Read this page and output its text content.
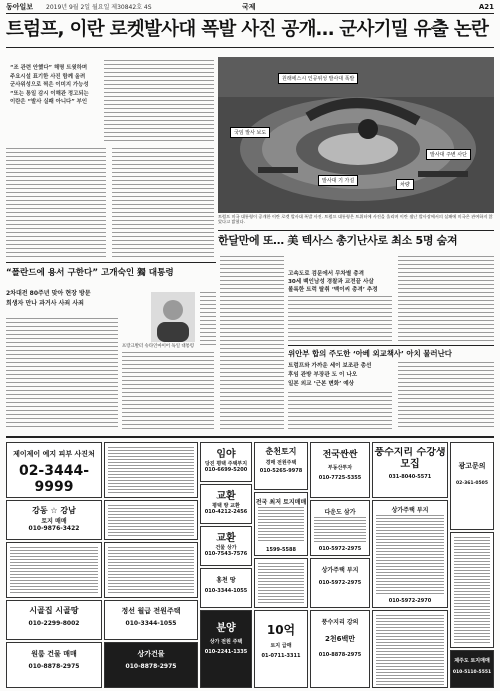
동아일보 2019년 9월 2일 월요일 제30842호 4S	국제	A21
트럼프, 이란 로켓발사대 폭발 사진 공개… 군사기밀 유출 논란
“조 관련 안했다” 해명 트윗하며
주요시설 표기한 사진 함께 올려
군사위성으로 찍은 이미지 가능성
“또는 통일 감시 이해관 정고되는
이란은 “발사 실패 아니다” 부인
원래에스시 인공위성 발사대 폭발
국임 발사 보도
발사대 기 가설
차량
발사대 주변 사단
트럼프 미국 대통령이 공개한 이란 로켓 발사대 폭발 사진. 트럼프 대통령은 트위터에 사진을 올리며 이란 셈난 발사장에서의 실패에 미국은 관여하지 않았다고 밝혔다.
한달만에 또… 美 텍사스 총기난사로 최소 5명 숨져
고속도로 검문에서 무차별 총격
30세 백인남성 경찰과 교전끝 사살
볼록한 트럭 탈취 ‘맥이씨 총격’ 추정
“폴란드에 용서 구한다” 고개숙인 獨 대통령
2차대전 80주년 맞아 현장 방문
희생자 만나 과거사 사죄 사죄
프랑크발터 슈타인마이어 독일 대통령
위안부 합의 주도한 ‘아베 외교책사’ 아치 물러난다
트럼프와 가까운 세이 보조관 총선
후임 관방 부장관 도 이 나오
일본 외교 ‘근본 변화’ 예상
제이제이 예지 피부 사진처
02-3444-9999
강동 ☆ 강남
토지 매매
010-9876-3422
시골집 시골땅
010-2299-8002
원룸 건물 매매
010-8878-2975
정선 월급 전원주택
010-3344-1055
상가건물
010-8878-2975
임야
당진 평택 주택부지
010-6699-5200
교환
평택 땅 교환
010-4212-2456
교환
건물 상가
010-7543-7576
홍천 땅
010-3344-1055
분양
상가 전원 주택
010-2241-1335
춘천토지
경매 전원주택
010-5265-9978
전국 최저 토지매매
1599-5588
10억
토지 급매
01-0711-3311
전국싼싼
부동산투자
010-7725-5355
다운도 삼가
010-5972-2975
상가주택 부지
010-5972-2975
풍수지리 강의
2천6백만
010-8878-2975
풍수지리 수강생 모집
031-8040-5571
상가주택 부지
010-5972-2970
광고문의
02-361-0505
제주도 토지매매
010-5110-5551
